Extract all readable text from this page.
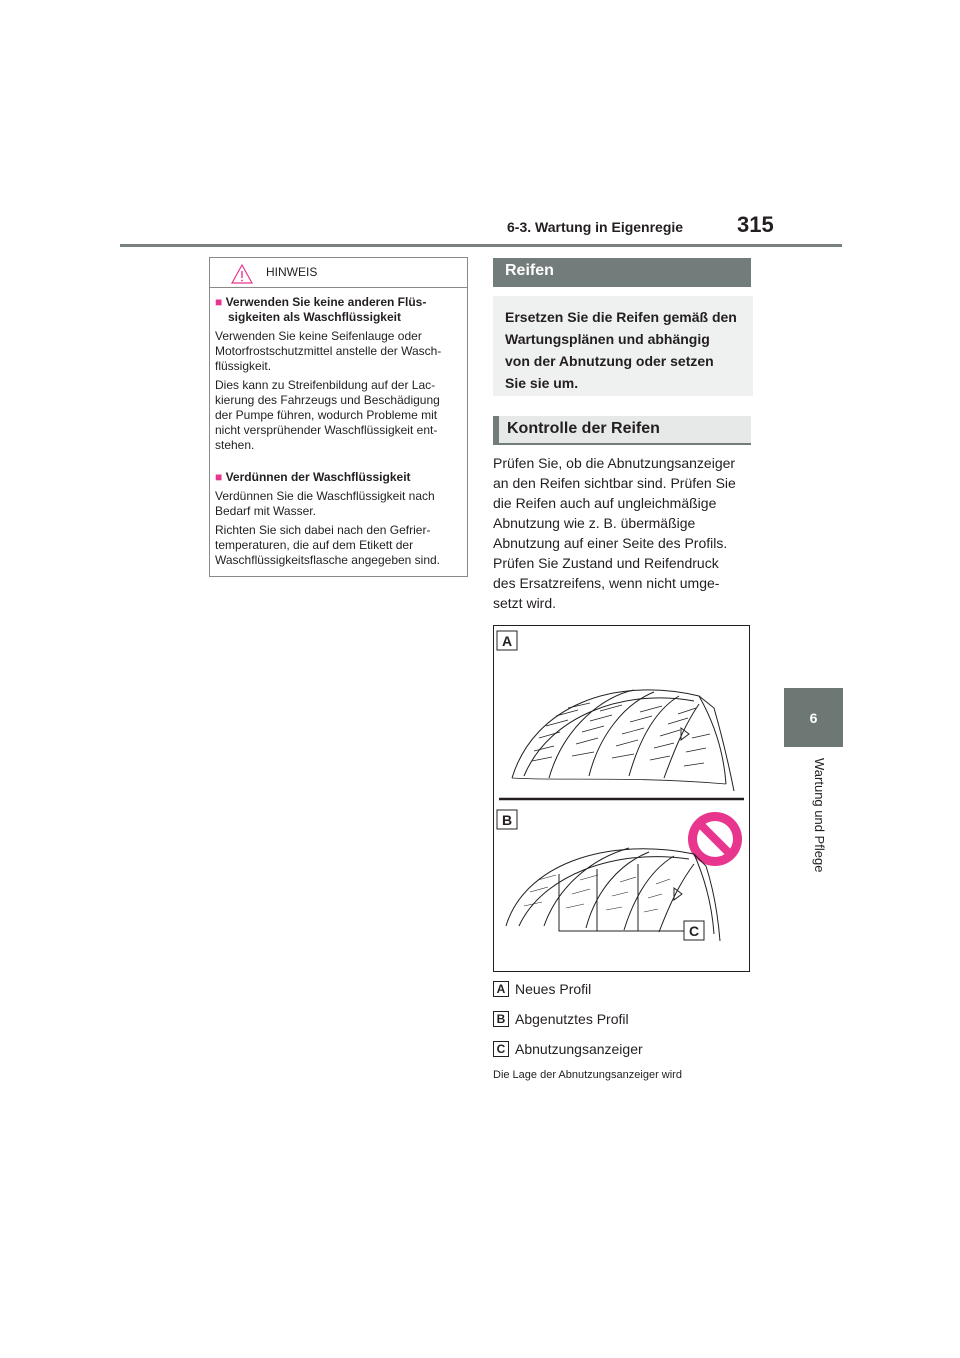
6-3. Wartung in Eigenregie 315
6
Wartung und Pflege
HINWEIS
■ Verwenden Sie keine anderen Flüs-
sigkeiten als Waschflüssigkeit
Verwenden Sie keine Seifenlauge oder
Motorfrostschutzmittel anstelle der Wasch-
flüssigkeit.
Dies kann zu Streifenbildung auf der Lac-
kierung des Fahrzeugs und Beschädigung
der Pumpe führen, wodurch Probleme mit
nicht versprühender Waschflüssigkeit ent-
stehen.
■ Verdünnen der Waschflüssigkeit
Verdünnen Sie die Waschflüssigkeit nach
Bedarf mit Wasser.
Richten Sie sich dabei nach den Gefrier-
temperaturen, die auf dem Etikett der
Waschflüssigkeitsflasche angegeben sind.
Reifen
Ersetzen Sie die Reifen gemäß den
Wartungsplänen und abhängig
von der Abnutzung oder setzen
Sie sie um.
Kontrolle der Reifen
Prüfen Sie, ob die Abnutzungsanzeiger
an den Reifen sichtbar sind. Prüfen Sie
die Reifen auch auf ungleichmäßige
Abnutzung wie z. B. übermäßige
Abnutzung auf einer Seite des Profils.
Prüfen Sie Zustand und Reifendruck
des Ersatzreifens, wenn nicht umge-
setzt wird.
A
B
C
A Neues Profil
B Abgenutztes Profil
C Abnutzungsanzeiger
Die Lage der Abnutzungsanzeiger wird
